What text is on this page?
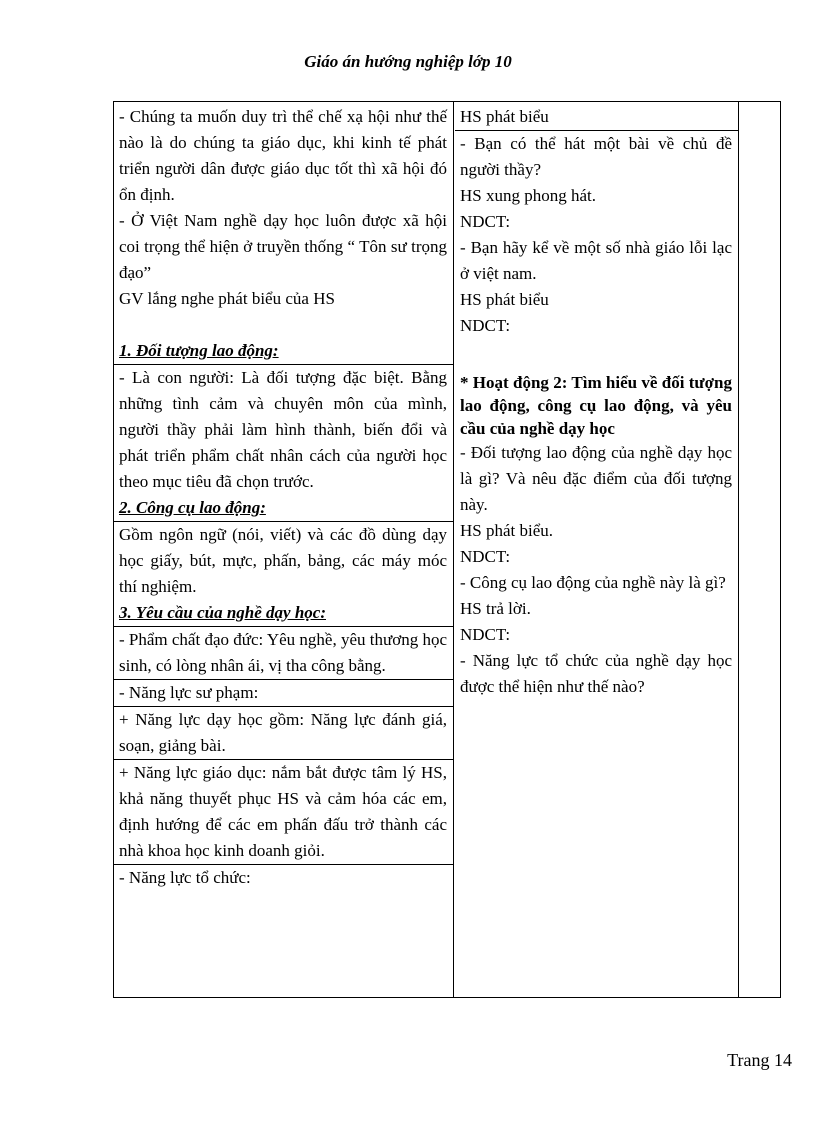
Giáo án hướng nghiệp lớp 10

- Chúng ta muốn duy trì thể chế xạ hội như thế nào là do chúng ta giáo dục, khi kinh tế phát triển người dân được giáo dục tốt thì xã hội đó ổn định.

- Ở Việt Nam nghề dạy học luôn được xã hội coi trọng thể hiện ở truyền thống “ Tôn sư trọng đạo”

GV lắng nghe phát biểu của HS

1. Đối tượng lao động:

- Là con người: Là đối tượng đặc biệt. Bằng những tình cảm và chuyên môn của mình, người thầy phải làm hình thành, biến đổi và phát triển phẩm chất nhân cách của người học theo mục tiêu đã chọn trước.

2. Công cụ lao động:

Gồm ngôn ngữ (nói, viết) và các đồ dùng dạy học giấy, bút, mực, phấn, bảng, các máy móc thí nghiệm.

3. Yêu cầu của nghề dạy học:

- Phẩm chất đạo đức: Yêu nghề, yêu thương học sinh, có lòng nhân ái, vị tha công bằng.

- Năng lực sư phạm:

+ Năng lực dạy học gồm: Năng lực đánh giá, soạn, giảng bài.

+ Năng lực giáo dục: nắm bắt được tâm lý HS, khả năng thuyết phục HS và cảm hóa các em, định hướng để các em phấn đấu trở thành các nhà khoa học kinh doanh giỏi.

- Năng lực tổ chức:

HS phát biểu

- Bạn có thể hát một bài về chủ đề người thầy?

HS xung phong hát.

NDCT:

- Bạn hãy kể về một số nhà giáo lỗi lạc ở việt nam.

HS phát biểu

NDCT:

* Hoạt động 2: Tìm hiểu về đối tượng lao động, công cụ lao động, và yêu cầu của nghề dạy học

- Đối tượng lao động của nghề dạy học là gì? Và nêu đặc điểm của đối tượng này.

HS phát biểu.

NDCT:

- Công cụ lao động của nghề này là gì?

HS trả lời.

NDCT:

- Năng lực tổ chức của nghề dạy học được thể hiện như thế nào?

Trang 14
